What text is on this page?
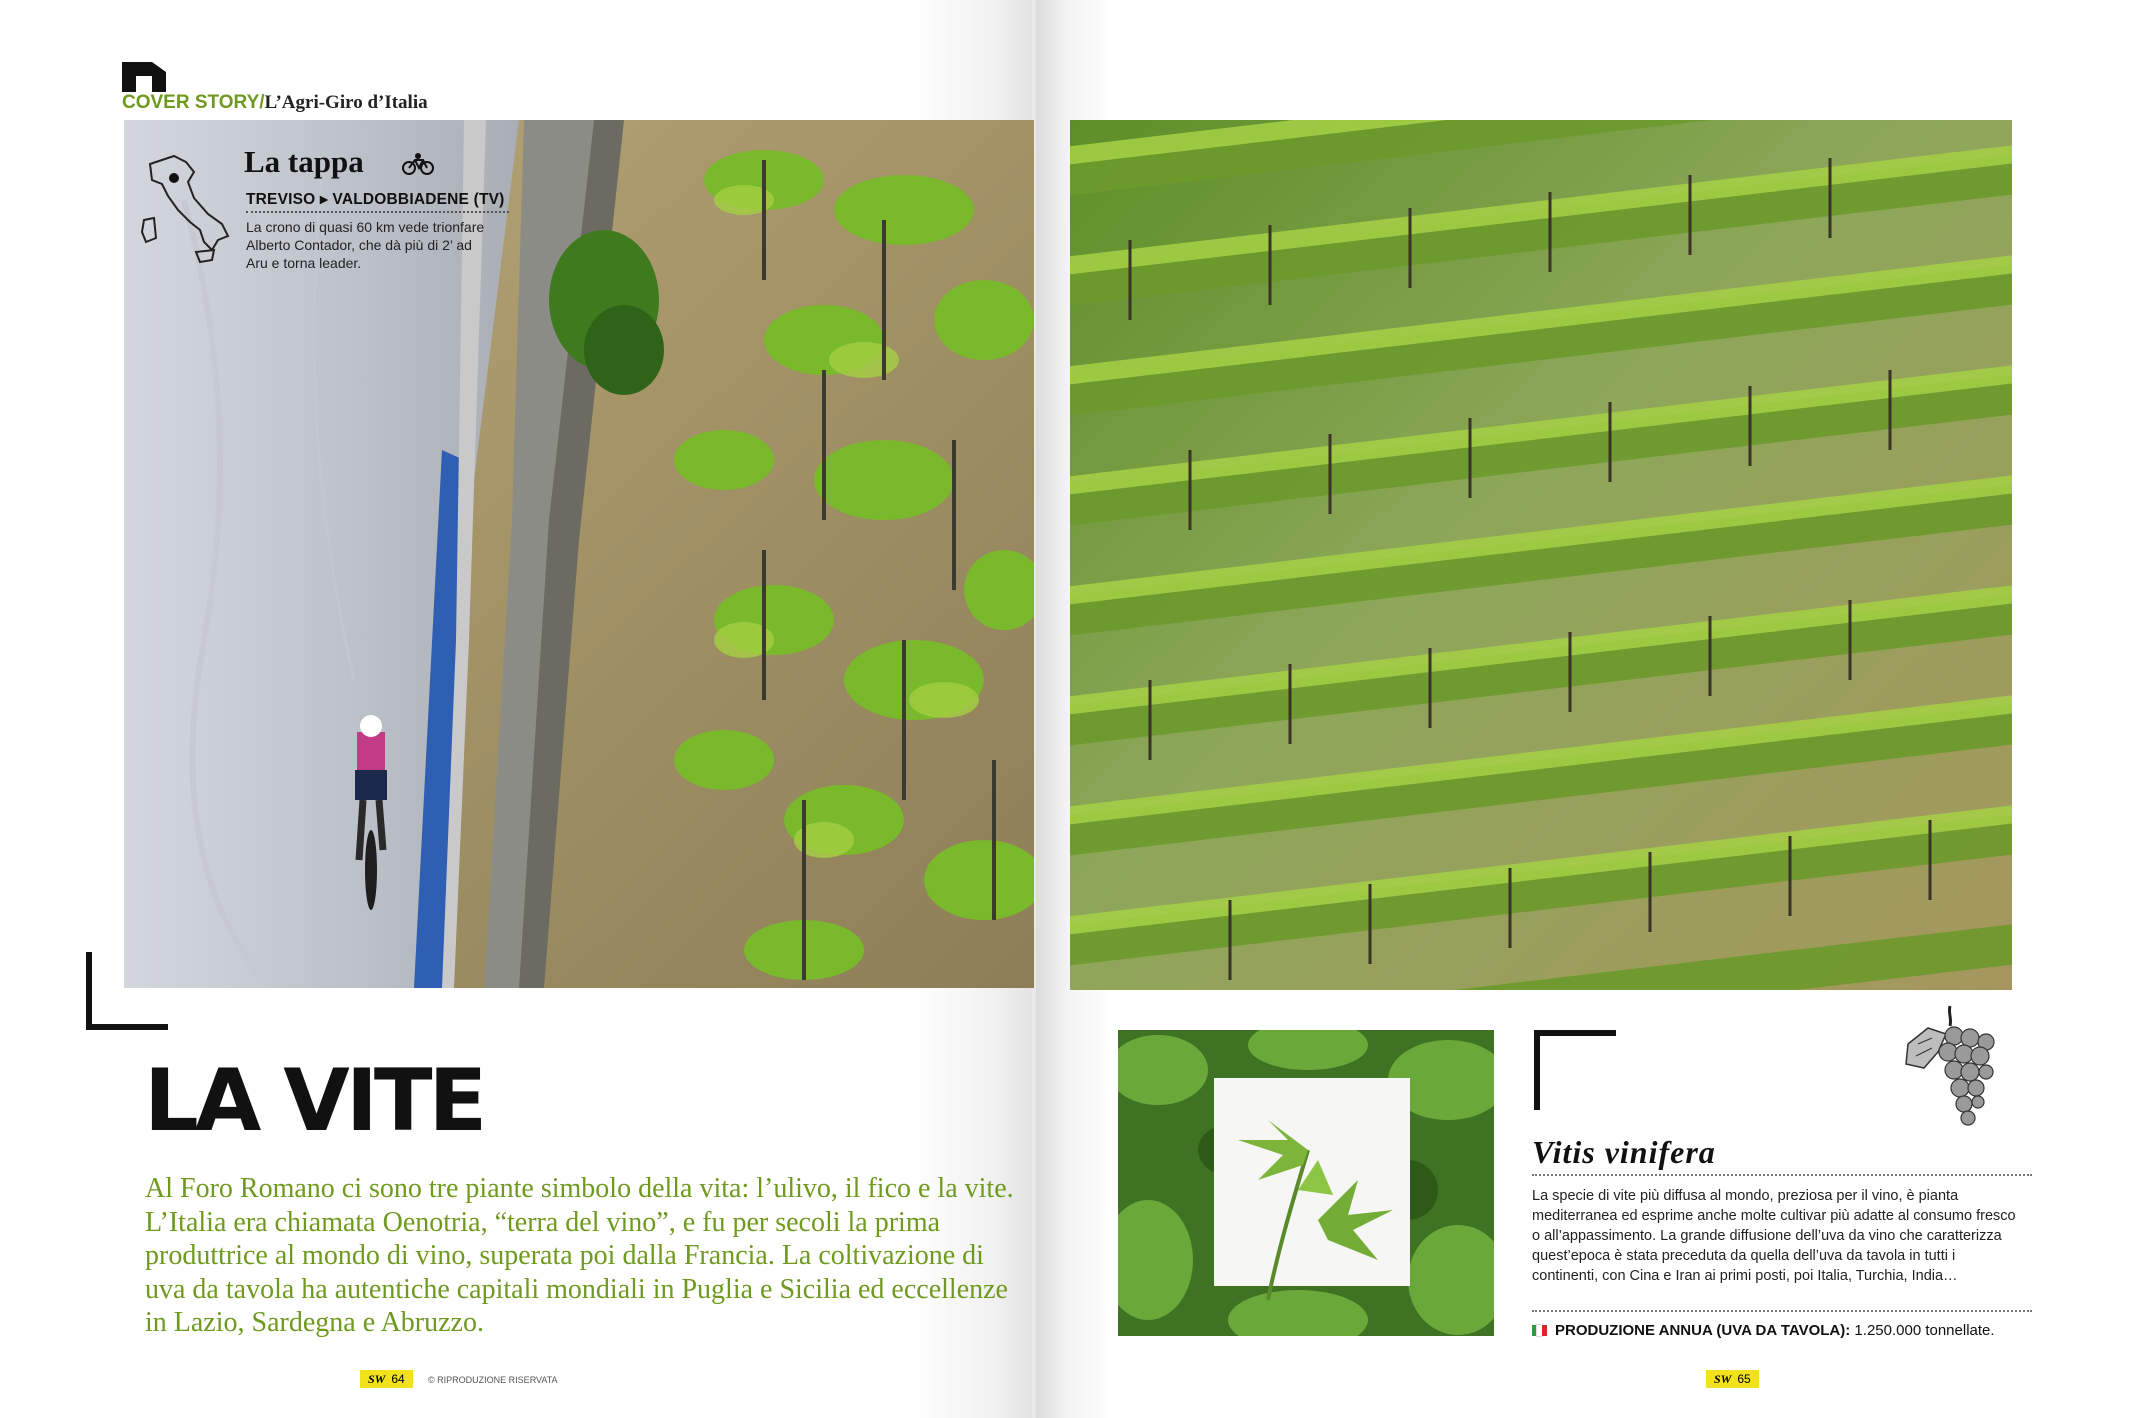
COVER STORY/L’Agri-Giro d’Italia
La tappa
TREVISO ▸ VALDOBBIADENE (TV)
La crono di quasi 60 km vede trionfare Alberto Contador, che dà più di 2’ ad Aru e torna leader.
LA VITE
Al Foro Romano ci sono tre piante simbolo della vita: l’ulivo, il fico e la vite. L’Italia era chiamata Oenotria, “terra del vino”, e fu per secoli la prima produttrice al mondo di vino, superata poi dalla Francia. La coltivazione di uva da tavola ha autentiche capitali mondiali in Puglia e Sicilia ed eccellenze in Lazio, Sardegna e Abruzzo.
SW 64	© RIPRODUZIONE RISERVATA	SW 65
Vitis vinifera
La specie di vite più diffusa al mondo, preziosa per il vino, è pianta mediterranea ed esprime anche molte cultivar più adatte al consumo fresco o all’appassimento. La grande diffusione dell’uva da vino che caratterizza quest’epoca è stata preceduta da quella dell’uva da tavola in tutti i continenti, con Cina e Iran ai primi posti, poi Italia, Turchia, India…
PRODUZIONE ANNUA (UVA DA TAVOLA): 1.250.000 tonnellate.
